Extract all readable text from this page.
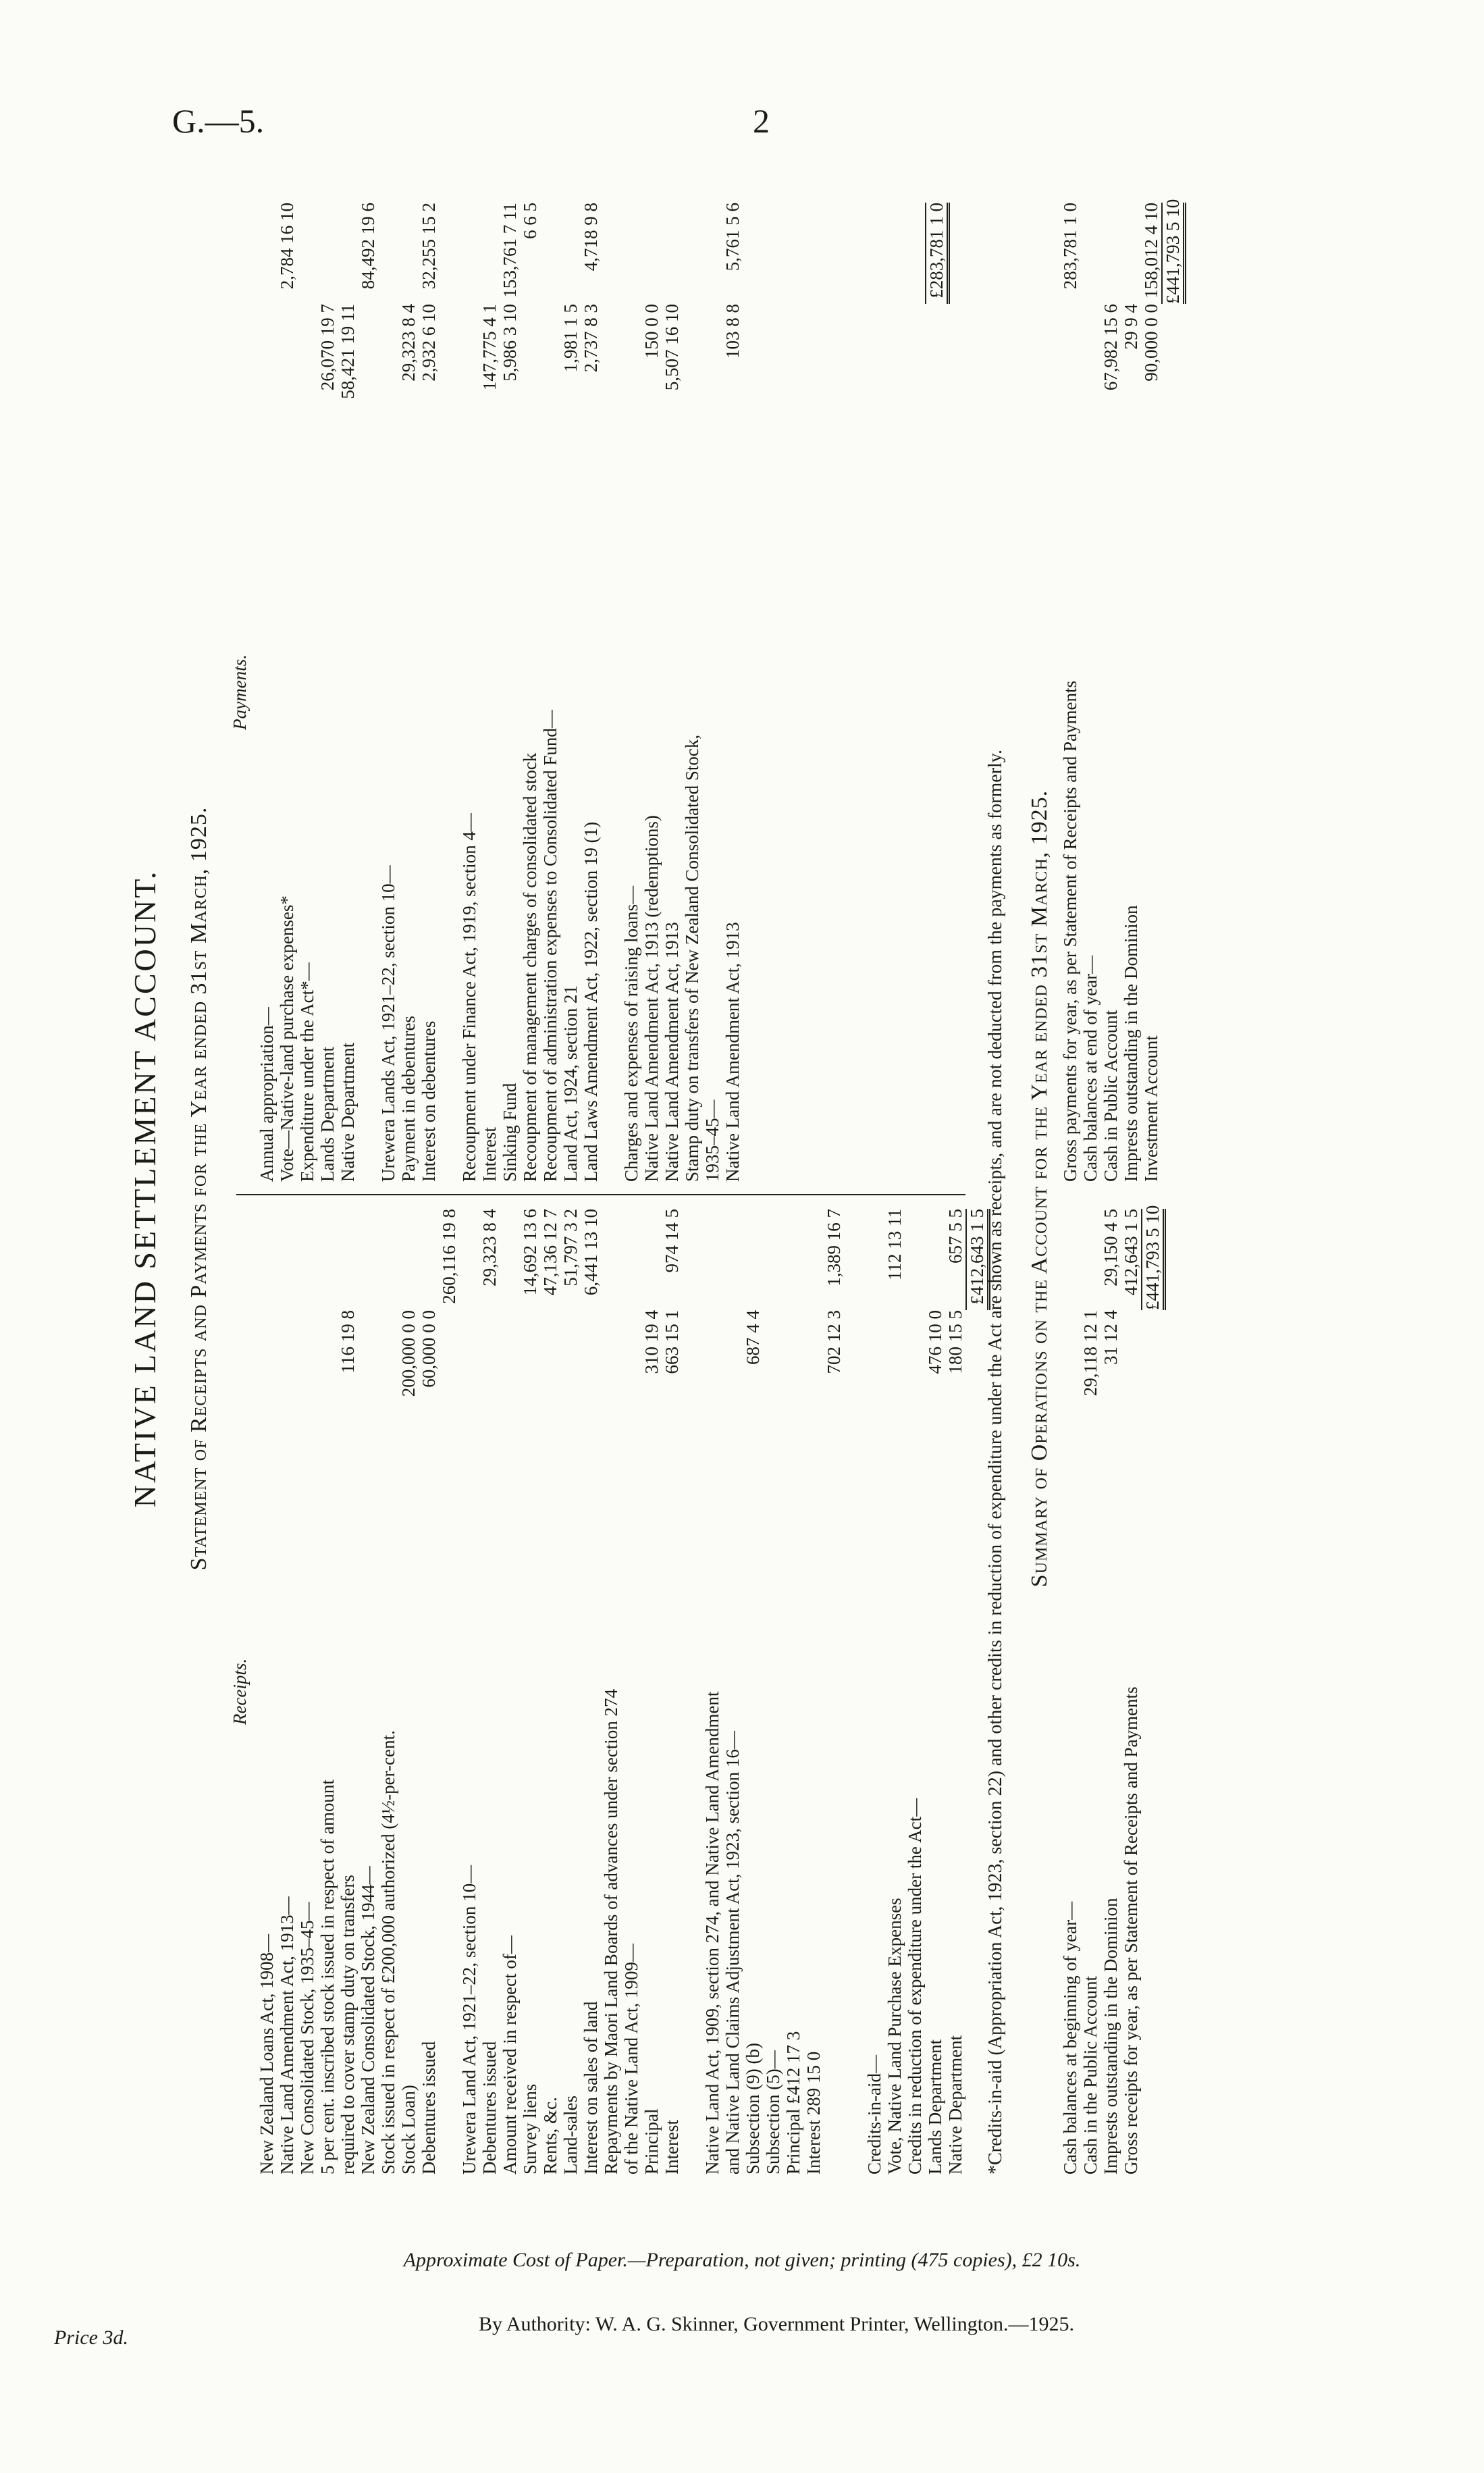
G.—5.	2
NATIVE LAND SETTLEMENT ACCOUNT. Statement of Receipts and Payments for the Year ended 31st March, 1925.
Receipts.
New Zealand Loans Act, 1908— Native Land Amendment Act, 1913— New Consolidated Stock, 1935–45— 5 per cent. inscribed stock issued in respect of amount required to cover stamp duty on transfers
116 19 8
New Zealand Consolidated Stock, 1944— Stock issued in respect of £200,000 authorized (4½-per-cent. Stock Loan)
200,000 0 0
Debentures issued
60,000 0 0
260,116 19 8
Urewera Land Act, 1921–22, section 10— Debentures issued
29,323 8 4
Amount received in respect of— Survey liens
14,692 13 6
Rents, &c.
47,136 12 7
Land-sales
51,797 3 2
Interest on sales of land
6,441 13 10
Repayments by Maori Land Boards of advances under section 274 of the Native Land Act, 1909— Principal
310 19 4
Interest
663 15 1
974 14 5
Native Land Act, 1909, section 274, and Native Land Amendment and Native Land Claims Adjustment Act, 1923, section 16— Subsection (9) (b)
687 4 4
Subsection (5)— Principal £412 17 3 Interest 289 15 0
702 12 3
1,389 16 7
Credits-in-aid— Vote, Native Land Purchase Expenses
112 13 11
Credits in reduction of expenditure under the Act— Lands Department
476 10 0
Native Department
180 15 5
657 5 5 £412,643 1 5
Payments.
Annual appropriation— Vote—Native-land purchase expenses*
2,784 16 10
Expenditure under the Act*— Lands Department
26,070 19 7
Native Department
58,421 19 11
84,492 19 6
Urewera Lands Act, 1921–22, section 10— Payment in debentures
29,323 8 4
Interest on debentures
2,932 6 10
32,255 15 2
Recoupment under Finance Act, 1919, section 4— Interest
147,775 4 1
Sinking Fund
5,986 3 10
153,761 7 11
Recoupment of management charges of consolidated stock
6 6 5
Recoupment of administration expenses to Consolidated Fund— Land Act, 1924, section 21
1,981 1 5
Land Laws Amendment Act, 1922, section 19 (1)
2,737 8 3
4,718 9 8
Charges and expenses of raising loans— Native Land Amendment Act, 1913 (redemptions)
150 0 0
Native Land Amendment Act, 1913
5,507 16 10
Stamp duty on transfers of New Zealand Consolidated Stock, 1935–45— Native Land Amendment Act, 1913
103 8 8
5,761 5 6	£283,781 1 0
*Credits-in-aid (Appropriation Act, 1923, section 22) and other credits in reduction of expenditure under the Act are shown as receipts, and are not deducted from the payments as formerly. Summary of Operations on the Account for the Year ended 31st March, 1925.
Cash balances at beginning of year— Cash in the Public Account
29,118 12 1
Imprests outstanding in the Dominion
31 12 4
29,150 4 5
Gross receipts for year, as per Statement of Receipts and Payments
412,643 1 5 £441,793 5 10
Gross payments for year, as per Statement of Receipts and Payments
283,781 1 0
Cash balances at end of year— Cash in Public Account
67,982 15 6
Imprests outstanding in the Dominion
29 9 4
Investment Account
90,000 0 0
158,012 4 10 £441,793 5 10
Approximate Cost of Paper.—Preparation, not given; printing (475 copies), £2 10s.
By Authority: W. A. G. Skinner, Government Printer, Wellington.—1925.
Price 3d.
